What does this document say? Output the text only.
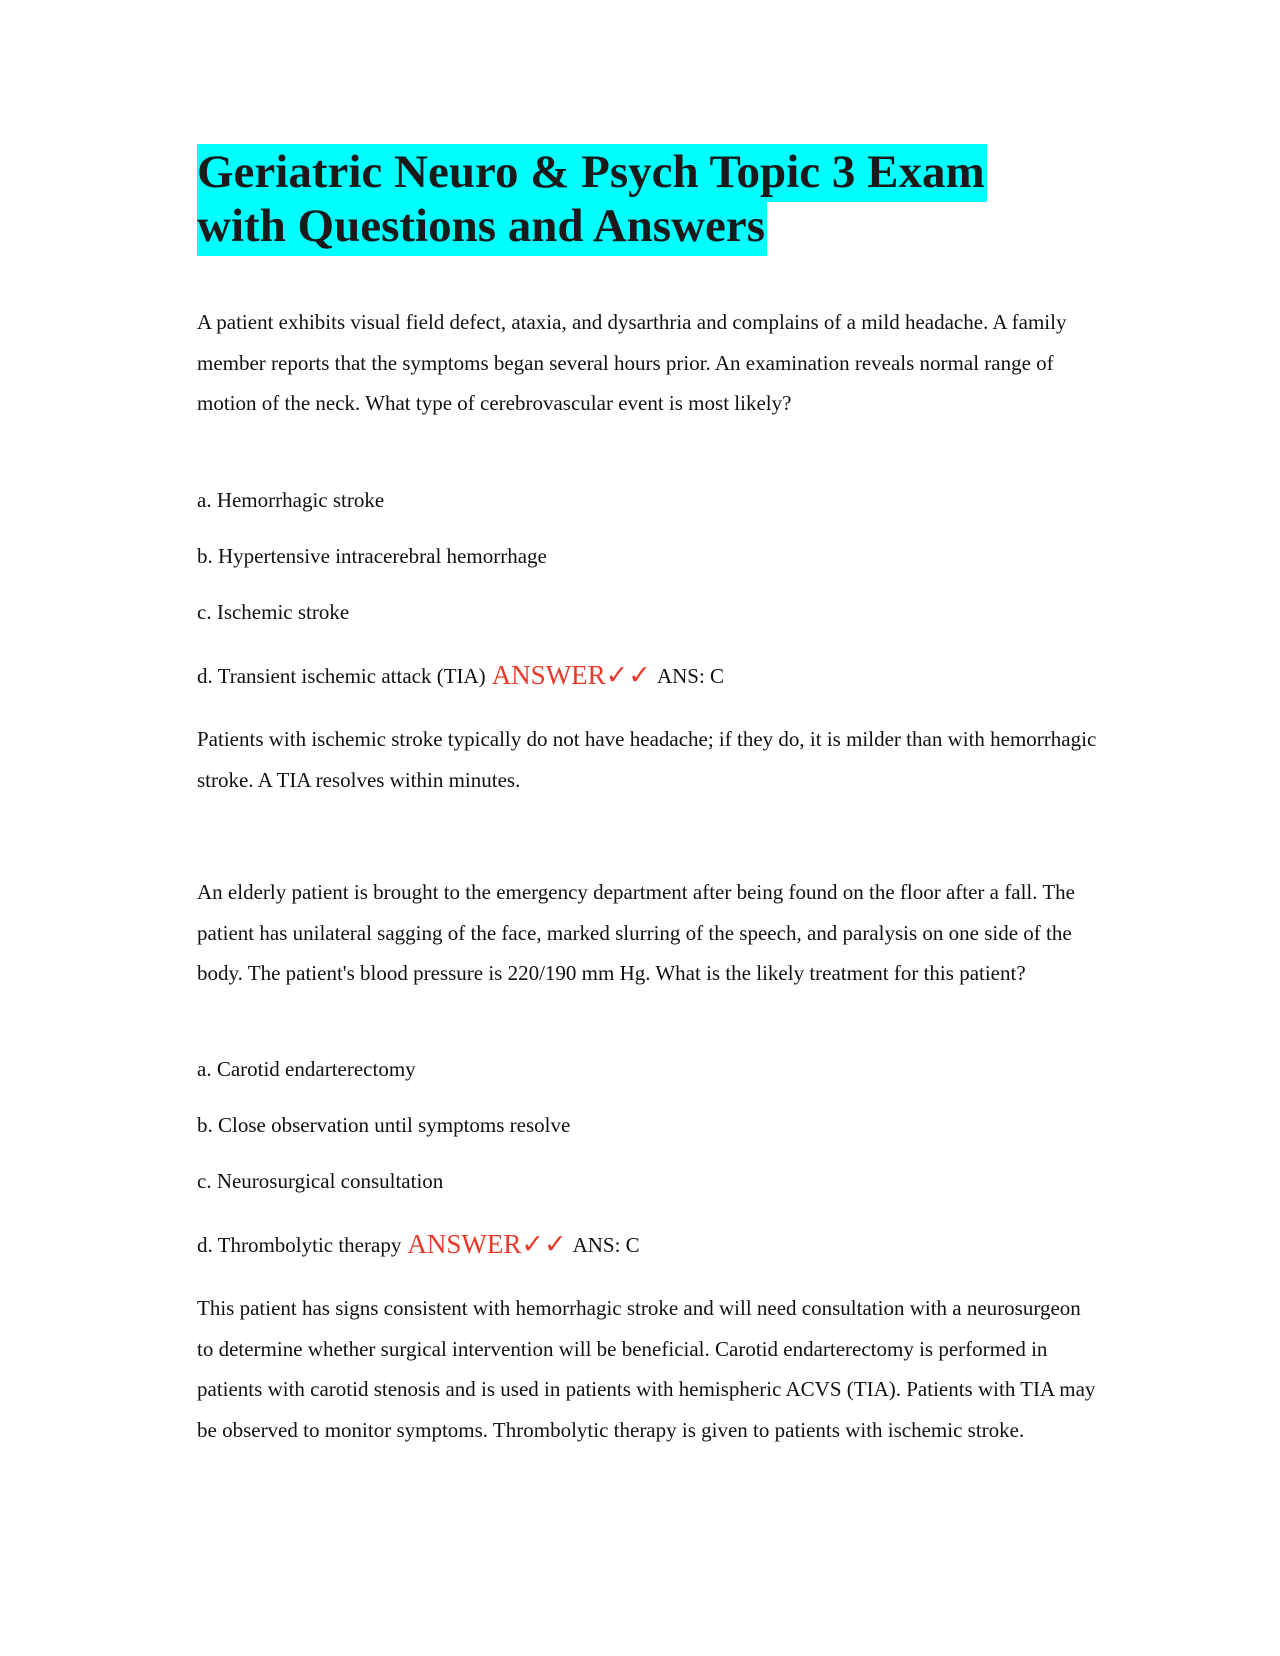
Geriatric Neuro & Psych Topic 3 Exam
with Questions and Answers

A patient exhibits visual field defect, ataxia, and dysarthria and complains of a mild headache. A family member reports that the symptoms began several hours prior. An examination reveals normal range of motion of the neck. What type of cerebrovascular event is most likely?

a. Hemorrhagic stroke
b. Hypertensive intracerebral hemorrhage
c. Ischemic stroke
d. Transient ischemic attack (TIA) ANSWER✓✓ ANS: C

Patients with ischemic stroke typically do not have headache; if they do, it is milder than with hemorrhagic stroke. A TIA resolves within minutes.

An elderly patient is brought to the emergency department after being found on the floor after a fall. The patient has unilateral sagging of the face, marked slurring of the speech, and paralysis on one side of the body. The patient's blood pressure is 220/190 mm Hg. What is the likely treatment for this patient?

a. Carotid endarterectomy
b. Close observation until symptoms resolve
c. Neurosurgical consultation
d. Thrombolytic therapy ANSWER✓✓ ANS: C

This patient has signs consistent with hemorrhagic stroke and will need consultation with a neurosurgeon to determine whether surgical intervention will be beneficial. Carotid endarterectomy is performed in patients with carotid stenosis and is used in patients with hemispheric ACVS (TIA). Patients with TIA may be observed to monitor symptoms. Thrombolytic therapy is given to patients with ischemic stroke.
